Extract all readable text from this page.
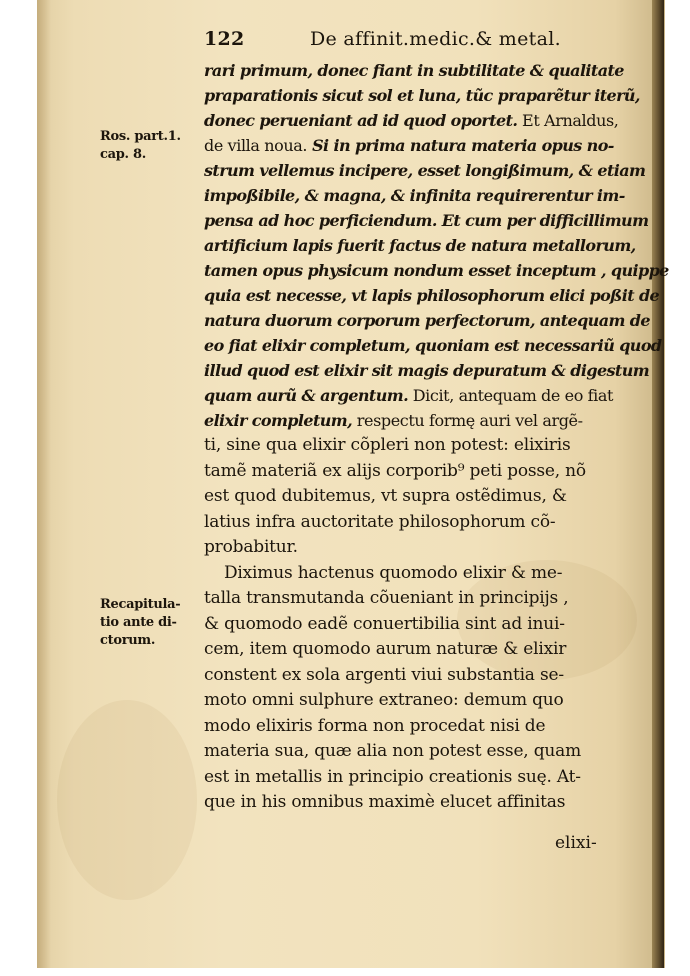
Ros. part.1.
cap. 8.
Recapitula-
tio ante di-
ctorum.
122	De affinit.medic.& metal.
rari primum, donec fiant in subtilitate & qualitate
praparationis sicut sol et luna, tũc praparẽtur iterũ,
donec perueniant ad id quod oportet. Et Arnaldus,
de villa noua. Si in prima natura materia opus no-
strum vellemus incipere, esset longißimum, & etiam
impoßibile, & magna, & infinita requirerentur im-
pensa ad hoc perficiendum. Et cum per difficillimum
artificium lapis fuerit factus de natura metallorum,
tamen opus physicum nondum esset inceptum , quippe
quia est necesse, vt lapis philosophorum elici poßit de
natura duorum corporum perfectorum, antequam de
eo fiat elixir completum, quoniam est necessariũ quod
illud quod est elixir sit magis depuratum & digestum
quam aurũ & argentum. Dicit, antequam de eo fiat
elixir completum, respectu formę auri vel argẽ-
ti, sine qua elixir cõpleri non potest: elixiris
tamẽ materiã ex alijs corporib⁹ peti posse, nõ
est quod dubitemus, vt supra ostẽdimus, &
latius infra auctoritate philosophorum cõ-
probabitur.
Diximus hactenus quomodo elixir & me-
talla transmutanda cõueniant in principijs ,
& quomodo eadẽ conuertibilia sint ad inui-
cem, item quomodo aurum naturæ & elixir
constent ex sola argenti viui substantia se-
moto omni sulphure extraneo: demum quo
modo elixiris forma non procedat nisi de
materia sua, quæ alia non potest esse, quam
est in metallis in principio creationis suę. At-
que in his omnibus maximè elucet affinitas
elixi-
